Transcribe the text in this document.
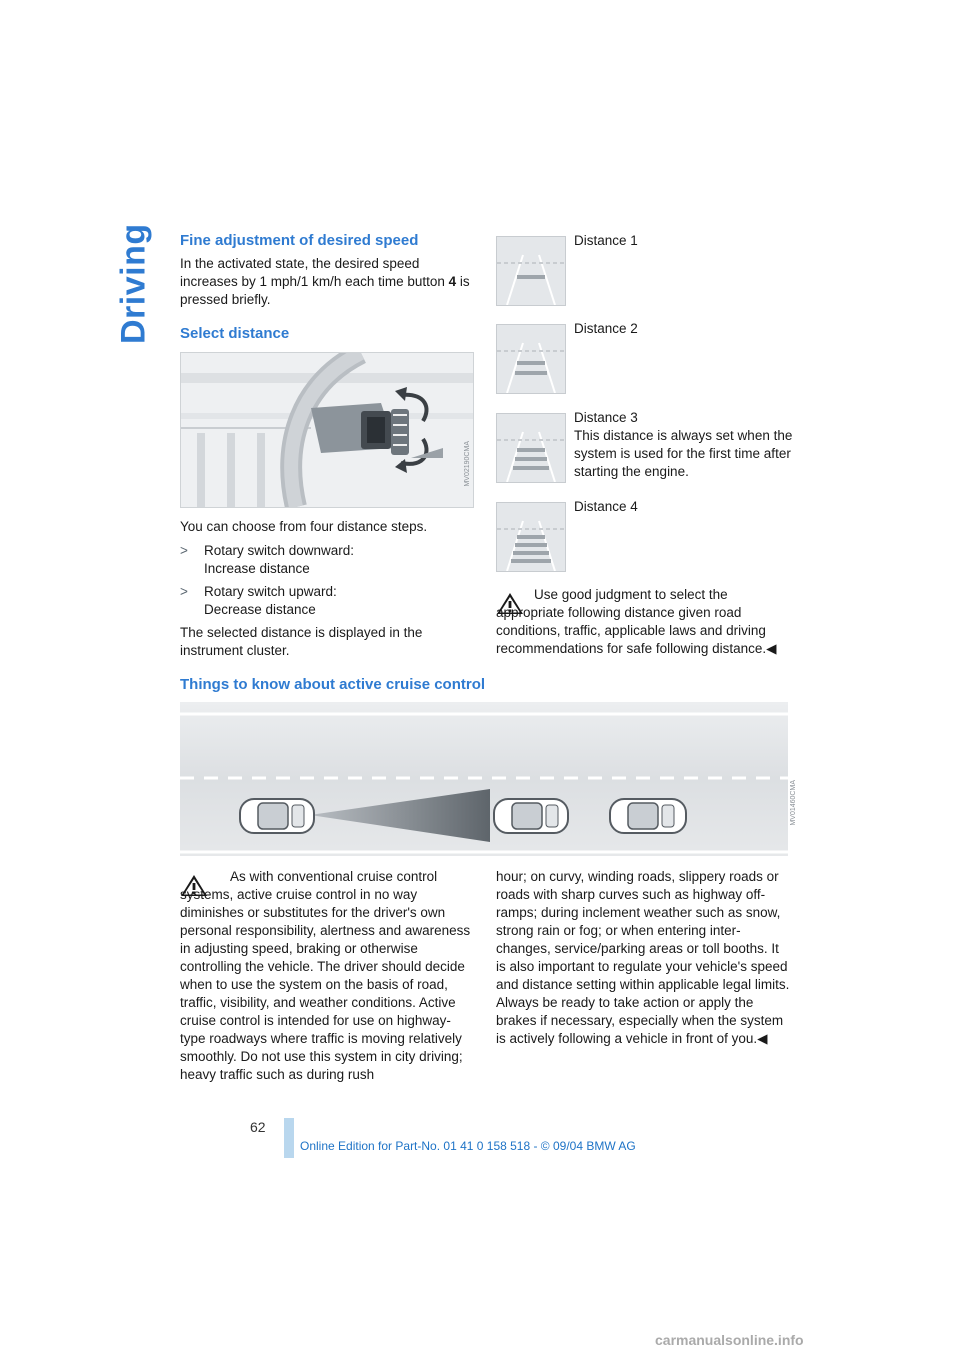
Driving Fine adjustment of desired speed

In the activated state, the desired speed increases by 1 mph/1 km/h each time button 4 is pressed briefly.

Select distance
MV02190CMA

You can choose from four distance steps.

>	Rotary switch downward:
Increase distance
>	Rotary switch upward:
Decrease distance

The selected distance is displayed in the instrument cluster.

Distance 1
Distance 2
Distance 3
This distance is always set when the system is used for the first time after starting the engine.
Distance 4

Use good judgment to select the appropriate following distance given road conditions, traffic, applicable laws and driving recommendations for safe following distance.◀

Things to know about active cruise control
MV01460CMA

As with conventional cruise control systems, active cruise control in no way diminishes or substitutes for the driver's own personal responsibility, alertness and awareness in adjusting speed, braking or otherwise controlling the vehicle. The driver should decide when to use the system on the basis of road, traffic, visibility, and weather conditions. Active cruise control is intended for use on highway-type roadways where traffic is moving relatively smoothly. Do not use this system in city driving; heavy traffic such as during rush

hour; on curvy, winding roads, slippery roads or roads with sharp curves such as highway off-ramps; during inclement weather such as snow, strong rain or fog; or when entering inter-changes, service/parking areas or toll booths. It is also important to regulate your vehicle's speed and distance setting within applicable legal limits. Always be ready to take action or apply the brakes if necessary, especially when the system is actively following a vehicle in front of you.◀

62
Online Edition for Part-No. 01 41 0 158 518 - © 09/04 BMW AG
carmanualsonline.info
